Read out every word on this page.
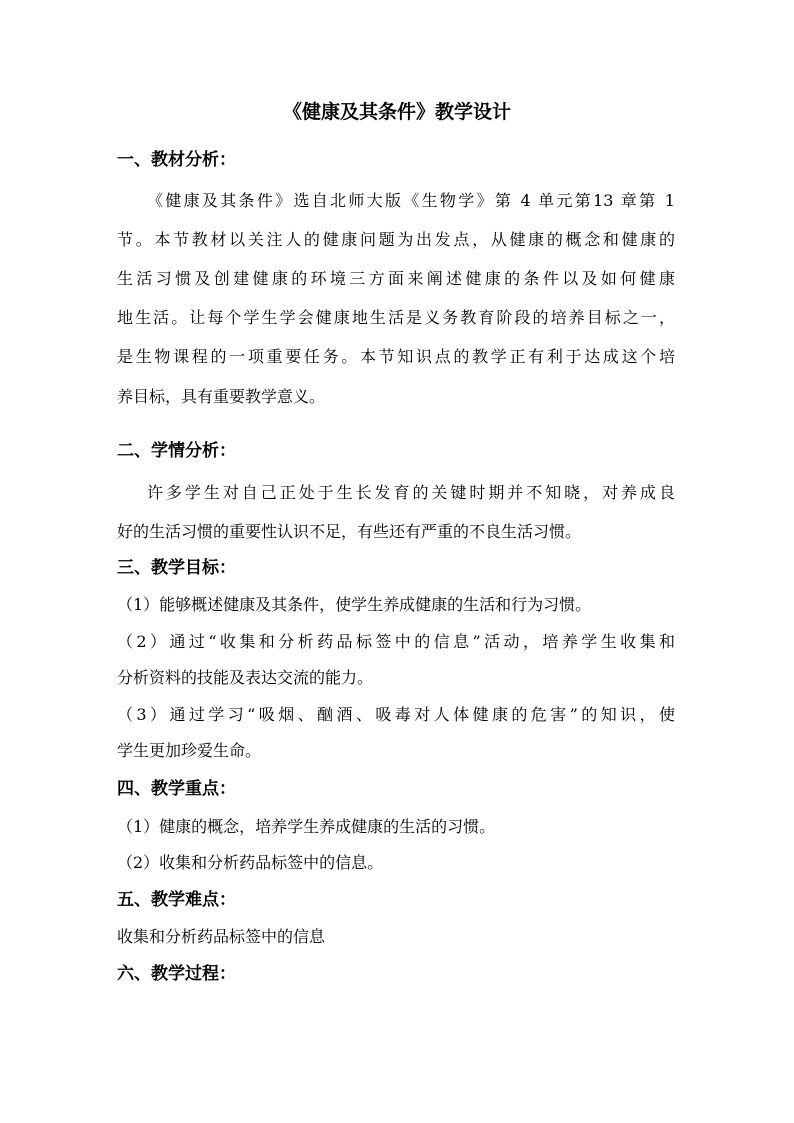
《健康及其条件》教学设计
一、教材分析：
《健康及其条件》选自北师大版《生物学》第 4 单元第13 章第 1
节。本节教材以关注人的健康问题为出发点，从健康的概念和健康的
生活习惯及创建健康的环境三方面来阐述健康的条件以及如何健康
地生活。让每个学生学会健康地生活是义务教育阶段的培养目标之一，
是生物课程的一项重要任务。本节知识点的教学正有利于达成这个培
养目标，具有重要教学意义。
二、学情分析：
许多学生对自己正处于生长发育的关键时期并不知晓，对养成良
好的生活习惯的重要性认识不足，有些还有严重的不良生活习惯。
三、教学目标：
（1）能够概述健康及其条件，使学生养成健康的生活和行为习惯。
（2）通过“收集和分析药品标签中的信息”活动，培养学生收集和
分析资料的技能及表达交流的能力。
（3）通过学习“吸烟、酗酒、吸毒对人体健康的危害”的知识，使
学生更加珍爱生命。
四、教学重点：
（1）健康的概念，培养学生养成健康的生活的习惯。
（2）收集和分析药品标签中的信息。
五、教学难点：
收集和分析药品标签中的信息
六、教学过程：
